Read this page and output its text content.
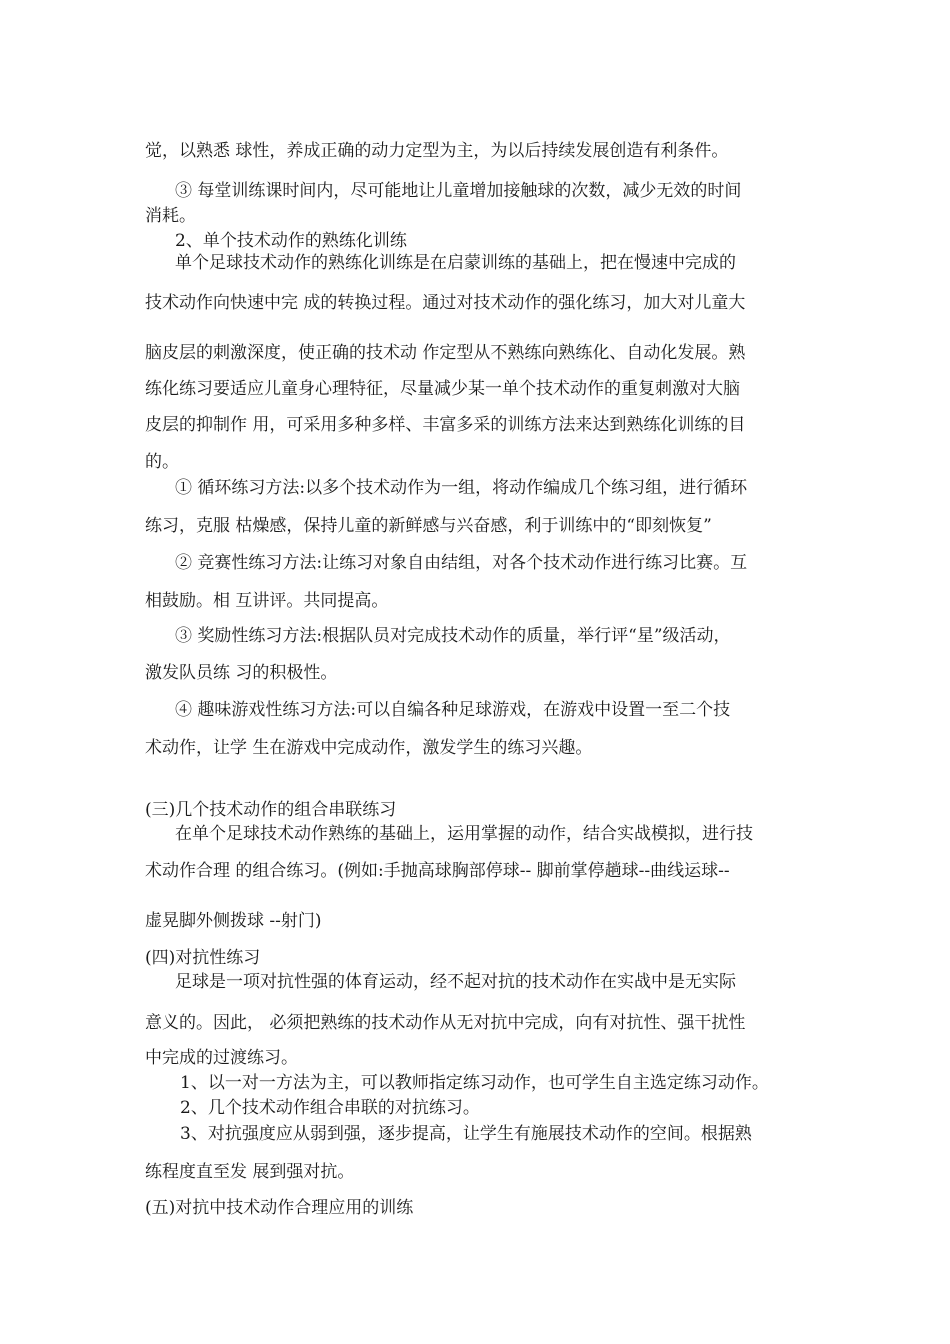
觉，以熟悉 球性，养成正确的动力定型为主，为以后持续发展创造有利条件。
③ 每堂训练课时间内，尽可能地让儿童增加接触球的次数，减少无效的时间
消耗。
2、单个技术动作的熟练化训练
单个足球技术动作的熟练化训练是在启蒙训练的基础上，把在慢速中完成的
技术动作向快速中完 成的转换过程。通过对技术动作的强化练习，加大对儿童大
脑皮层的刺激深度，使正确的技术动 作定型从不熟练向熟练化、自动化发展。熟
练化练习要适应儿童身心理特征，尽量减少某一单个技术动作的重复刺激对大脑
皮层的抑制作 用，可采用多种多样、丰富多采的训练方法来达到熟练化训练的目
的。
① 循环练习方法:以多个技术动作为一组，将动作编成几个练习组，进行循环
练习，克服 枯燥感，保持儿童的新鲜感与兴奋感，利于训练中的“即刻恢复”
② 竞赛性练习方法:让练习对象自由结组，对各个技术动作进行练习比赛。互
相鼓励。相 互讲评。共同提高。
③ 奖励性练习方法:根据队员对完成技术动作的质量，举行评“星”级活动，
激发队员练 习的积极性。
④ 趣味游戏性练习方法:可以自编各种足球游戏，在游戏中设置一至二个技
术动作，让学 生在游戏中完成动作，激发学生的练习兴趣。
(三)几个技术动作的组合串联练习
在单个足球技术动作熟练的基础上，运用掌握的动作，结合实战模拟，进行技
术动作合理 的组合练习。(例如:手抛高球胸部停球-- 脚前掌停趟球--曲线运球--
虚晃脚外侧拨球 --射门)
(四)对抗性练习
足球是一项对抗性强的体育运动，经不起对抗的技术动作在实战中是无实际
意义的。因此， 必须把熟练的技术动作从无对抗中完成，向有对抗性、强干扰性
中完成的过渡练习。
1、以一对一方法为主，可以教师指定练习动作，也可学生自主选定练习动作。
2、几个技术动作组合串联的对抗练习。
3、对抗强度应从弱到强，逐步提高，让学生有施展技术动作的空间。根据熟
练程度直至发 展到强对抗。
(五)对抗中技术动作合理应用的训练
